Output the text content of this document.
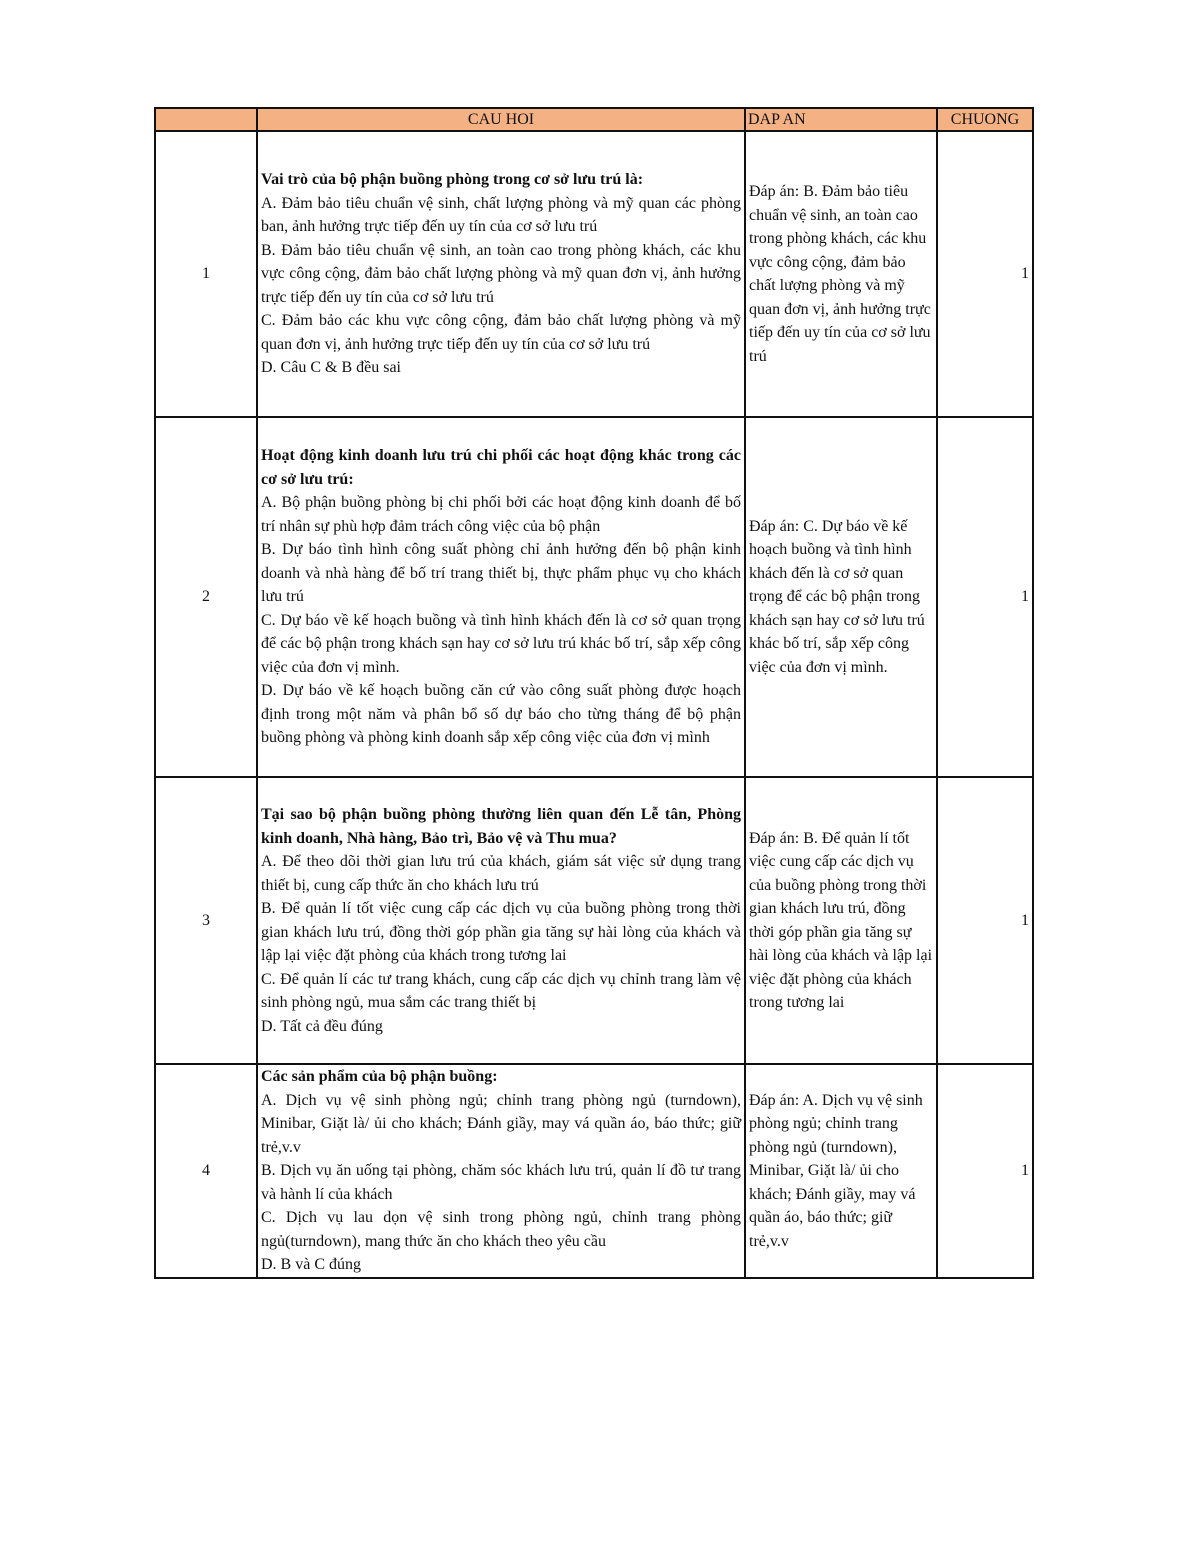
	CAU HOI	DAP AN	CHUONG
1	Vai trò của bộ phận buồng phòng trong cơ sở lưu trú là:
A. Đảm bảo tiêu chuẩn vệ sinh, chất lượng phòng và mỹ quan các phòng ban, ảnh hưởng trực tiếp đến uy tín của cơ sở lưu trú
B. Đảm bảo tiêu chuẩn vệ sinh, an toàn cao trong phòng khách, các khu vực công cộng, đảm bảo chất lượng phòng và mỹ quan đơn vị, ảnh hưởng trực tiếp đến uy tín của cơ sở lưu trú
C. Đảm bảo các khu vực công cộng, đảm bảo chất lượng phòng và mỹ quan đơn vị, ảnh hưởng trực tiếp đến uy tín của cơ sở lưu trú
D. Câu C & B đều sai	Đáp án: B. Đảm bảo tiêu chuẩn vệ sinh, an toàn cao trong phòng khách, các khu vực công cộng, đảm bảo chất lượng phòng và mỹ quan đơn vị, ảnh hưởng trực tiếp đến uy tín của cơ sở lưu trú	1
2	Hoạt động kinh doanh lưu trú chi phối các hoạt động khác trong các cơ sở lưu trú:
A. Bộ phận buồng phòng bị chi phối bởi các hoạt động kinh doanh để bố trí nhân sự phù hợp đảm trách công việc của bộ phận
B. Dự báo tình hình công suất phòng chỉ ảnh hưởng đến bộ phận kinh doanh và nhà hàng để bố trí trang thiết bị, thực phẩm phục vụ cho khách lưu trú
C. Dự báo về kế hoạch buồng và tình hình khách đến là cơ sở quan trọng để các bộ phận trong khách sạn hay cơ sở lưu trú khác bố trí, sắp xếp công việc của đơn vị mình.
D. Dự báo về kế hoạch buồng căn cứ vào công suất phòng được hoạch định trong một năm và phân bổ số dự báo cho từng tháng để bộ phận buồng phòng và phòng kinh doanh sắp xếp công việc của đơn vị mình	Đáp án: C. Dự báo về kế hoạch buồng và tình hình khách đến là cơ sở quan trọng để các bộ phận trong khách sạn hay cơ sở lưu trú khác bố trí, sắp xếp công việc của đơn vị mình.	1
3	Tại sao bộ phận buồng phòng thường liên quan đến Lễ tân, Phòng kinh doanh, Nhà hàng, Bảo trì, Bảo vệ và Thu mua?
A. Để theo dõi thời gian lưu trú của khách, giám sát việc sử dụng trang thiết bị, cung cấp thức ăn cho khách lưu trú
B. Để quản lí tốt việc cung cấp các dịch vụ của buồng phòng trong thời gian khách lưu trú, đồng thời góp phần gia tăng sự hài lòng của khách và lập lại việc đặt phòng của khách trong tương lai
C. Để quản lí các tư trang khách, cung cấp các dịch vụ chỉnh trang làm vệ sinh phòng ngủ, mua sắm các trang thiết bị
D. Tất cả đều đúng	Đáp án: B. Để quản lí tốt việc cung cấp các dịch vụ của buồng phòng trong thời gian khách lưu trú, đồng thời góp phần gia tăng sự hài lòng của khách và lập lại việc đặt phòng của khách trong tương lai	1
4	Các sản phẩm của bộ phận buồng:
A. Dịch vụ vệ sinh phòng ngủ; chỉnh trang phòng ngủ (turndown), Minibar, Giặt là/ ủi cho khách; Đánh giầy, may vá quần áo, báo thức; giữ trẻ,v.v
B. Dịch vụ ăn uống tại phòng, chăm sóc khách lưu trú, quản lí đồ tư trang và hành lí của khách
C. Dịch vụ lau dọn vệ sinh trong phòng ngủ, chỉnh trang phòng ngủ(turndown), mang thức ăn cho khách theo yêu cầu
D. B và C đúng	Đáp án: A. Dịch vụ vệ sinh phòng ngủ; chỉnh trang phòng ngủ (turndown), Minibar, Giặt là/ ủi cho khách; Đánh giầy, may vá quần áo, báo thức; giữ trẻ,v.v	1
